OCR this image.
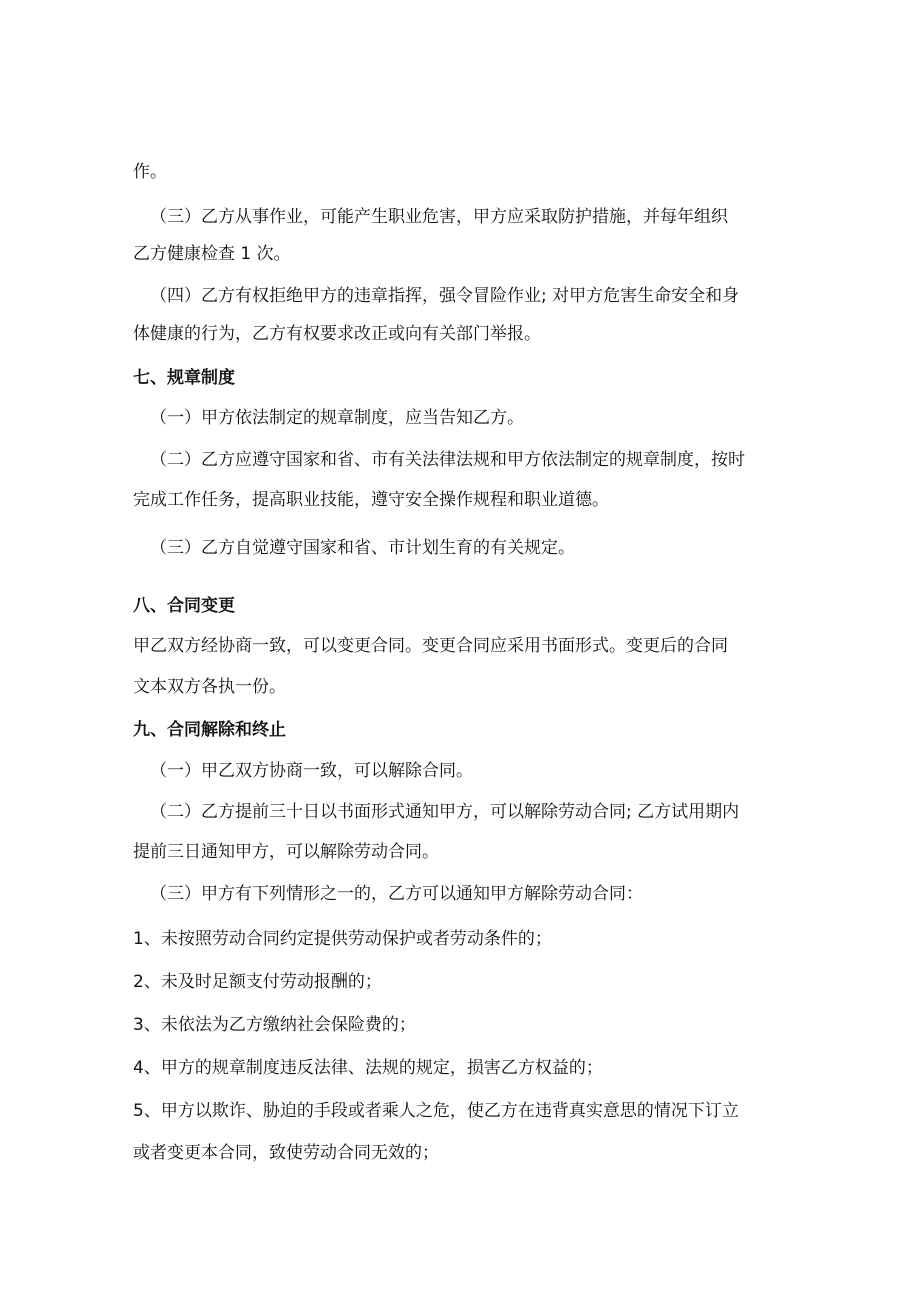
作。
（三）乙方从事作业，可能产生职业危害，甲方应采取防护措施，并每年组织
乙方健康检查 1 次。
（四）乙方有权拒绝甲方的违章指挥，强令冒险作业; 对甲方危害生命安全和身
体健康的行为，乙方有权要求改正或向有关部门举报。
七、规章制度
（一）甲方依法制定的规章制度，应当告知乙方。
（二）乙方应遵守国家和省、市有关法律法规和甲方依法制定的规章制度，按时
完成工作任务，提高职业技能，遵守安全操作规程和职业道德。
（三）乙方自觉遵守国家和省、市计划生育的有关规定。
八、合同变更
甲乙双方经协商一致，可以变更合同。变更合同应采用书面形式。变更后的合同
文本双方各执一份。
九、合同解除和终止
（一）甲乙双方协商一致，可以解除合同。
（二）乙方提前三十日以书面形式通知甲方，可以解除劳动合同; 乙方试用期内
提前三日通知甲方，可以解除劳动合同。
（三）甲方有下列情形之一的，乙方可以通知甲方解除劳动合同：
1、未按照劳动合同约定提供劳动保护或者劳动条件的；
2、未及时足额支付劳动报酬的；
3、未依法为乙方缴纳社会保险费的；
4、甲方的规章制度违反法律、法规的规定，损害乙方权益的；
5、甲方以欺诈、胁迫的手段或者乘人之危，使乙方在违背真实意思的情况下订立
或者变更本合同，致使劳动合同无效的；
